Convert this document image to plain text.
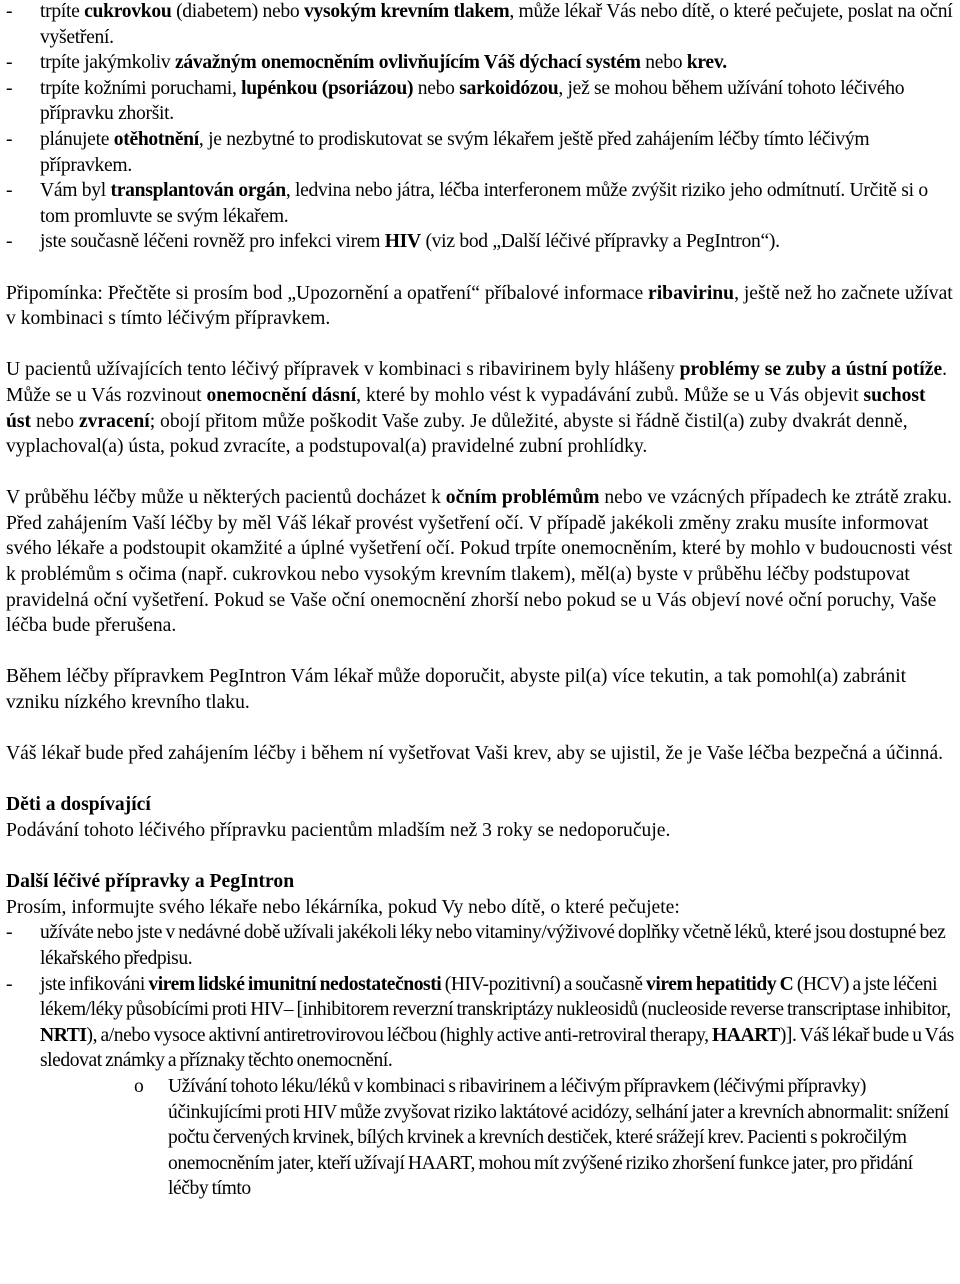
- trpíte cukrovkou (diabetem) nebo vysokým krevním tlakem, může lékař Vás nebo dítě, o které pečujete, poslat na oční vyšetření.
- trpíte jakýmkoliv závažným onemocněním ovlivňujícím Váš dýchací systém nebo krev.
- trpíte kožními poruchami, lupénkou (psoriázou) nebo sarkoidózou, jež se mohou během užívání tohoto léčivého přípravku zhoršit.
- plánujete otěhotnění, je nezbytné to prodiskutovat se svým lékařem ještě před zahájením léčby tímto léčivým přípravkem.
- Vám byl transplantován orgán, ledvina nebo játra, léčba interferonem může zvýšit riziko jeho odmítnutí. Určitě si o tom promluvte se svým lékařem.
- jste současně léčeni rovněž pro infekci virem HIV (viz bod „Další léčivé přípravky a PegIntron“).

Připomínka: Přečtěte si prosím bod „Upozornění a opatření“ příbalové informace ribavirinu, ještě než ho začnete užívat v kombinaci s tímto léčivým přípravkem.

U pacientů užívajících tento léčivý přípravek v kombinaci s ribavirinem byly hlášeny problémy se zuby a ústní potíže. Může se u Vás rozvinout onemocnění dásní, které by mohlo vést k vypadávání zubů. Může se u Vás objevit suchost úst nebo zvracení; obojí přitom může poškodit Vaše zuby. Je důležité, abyste si řádně čistil(a) zuby dvakrát denně, vyplachoval(a) ústa, pokud zvracíte, a podstupoval(a) pravidelné zubní prohlídky.

V průběhu léčby může u některých pacientů docházet k očním problémům nebo ve vzácných případech ke ztrátě zraku. Před zahájením Vaší léčby by měl Váš lékař provést vyšetření očí. V případě jakékoli změny zraku musíte informovat svého lékaře a podstoupit okamžité a úplné vyšetření očí. Pokud trpíte onemocněním, které by mohlo v budoucnosti vést k problémům s očima (např. cukrovkou nebo vysokým krevním tlakem), měl(a) byste v průběhu léčby podstupovat pravidelná oční vyšetření. Pokud se Vaše oční onemocnění zhorší nebo pokud se u Vás objeví nové oční poruchy, Vaše léčba bude přerušena.

Během léčby přípravkem PegIntron Vám lékař může doporučit, abyste pil(a) více tekutin, a tak pomohl(a) zabránit vzniku nízkého krevního tlaku.

Váš lékař bude před zahájením léčby i během ní vyšetřovat Vaši krev, aby se ujistil, že je Vaše léčba bezpečná a účinná.

Děti a dospívající

Podávání tohoto léčivého přípravku pacientům mladším než 3 roky se nedoporučuje.

Další léčivé přípravky a PegIntron

Prosím, informujte svého lékaře nebo lékárníka, pokud Vy nebo dítě, o které pečujete:

- užíváte nebo jste v nedávné době užívali jakékoli léky nebo vitaminy/výživové doplňky včetně léků, které jsou dostupné bez lékařského předpisu.
- jste infikováni virem lidské imunitní nedostatečnosti (HIV-pozitivní) a současně virem hepatitidy C (HCV) a jste léčeni lékem/léky působícími proti HIV– [inhibitorem reverzní transkriptázy nukleosidů (nucleoside reverse transcriptase inhibitor, NRTI), a/nebo vysoce aktivní antiretrovirovou léčbou (highly active anti-retroviral therapy, HAART)]. Váš lékař bude u Vás sledovat známky a příznaky těchto onemocnění.
o Užívání tohoto léku/léků v kombinaci s ribavirinem a léčivým přípravkem (léčivými přípravky) účinkujícími proti HIV může zvyšovat riziko laktátové acidózy, selhání jater a krevních abnormalit: snížení počtu červených krvinek, bílých krvinek a krevních destiček, které srážejí krev. Pacienti s pokročilým onemocněním jater, kteří užívají HAART, mohou mít zvýšené riziko zhoršení funkce jater, pro přidání léčby tímto
